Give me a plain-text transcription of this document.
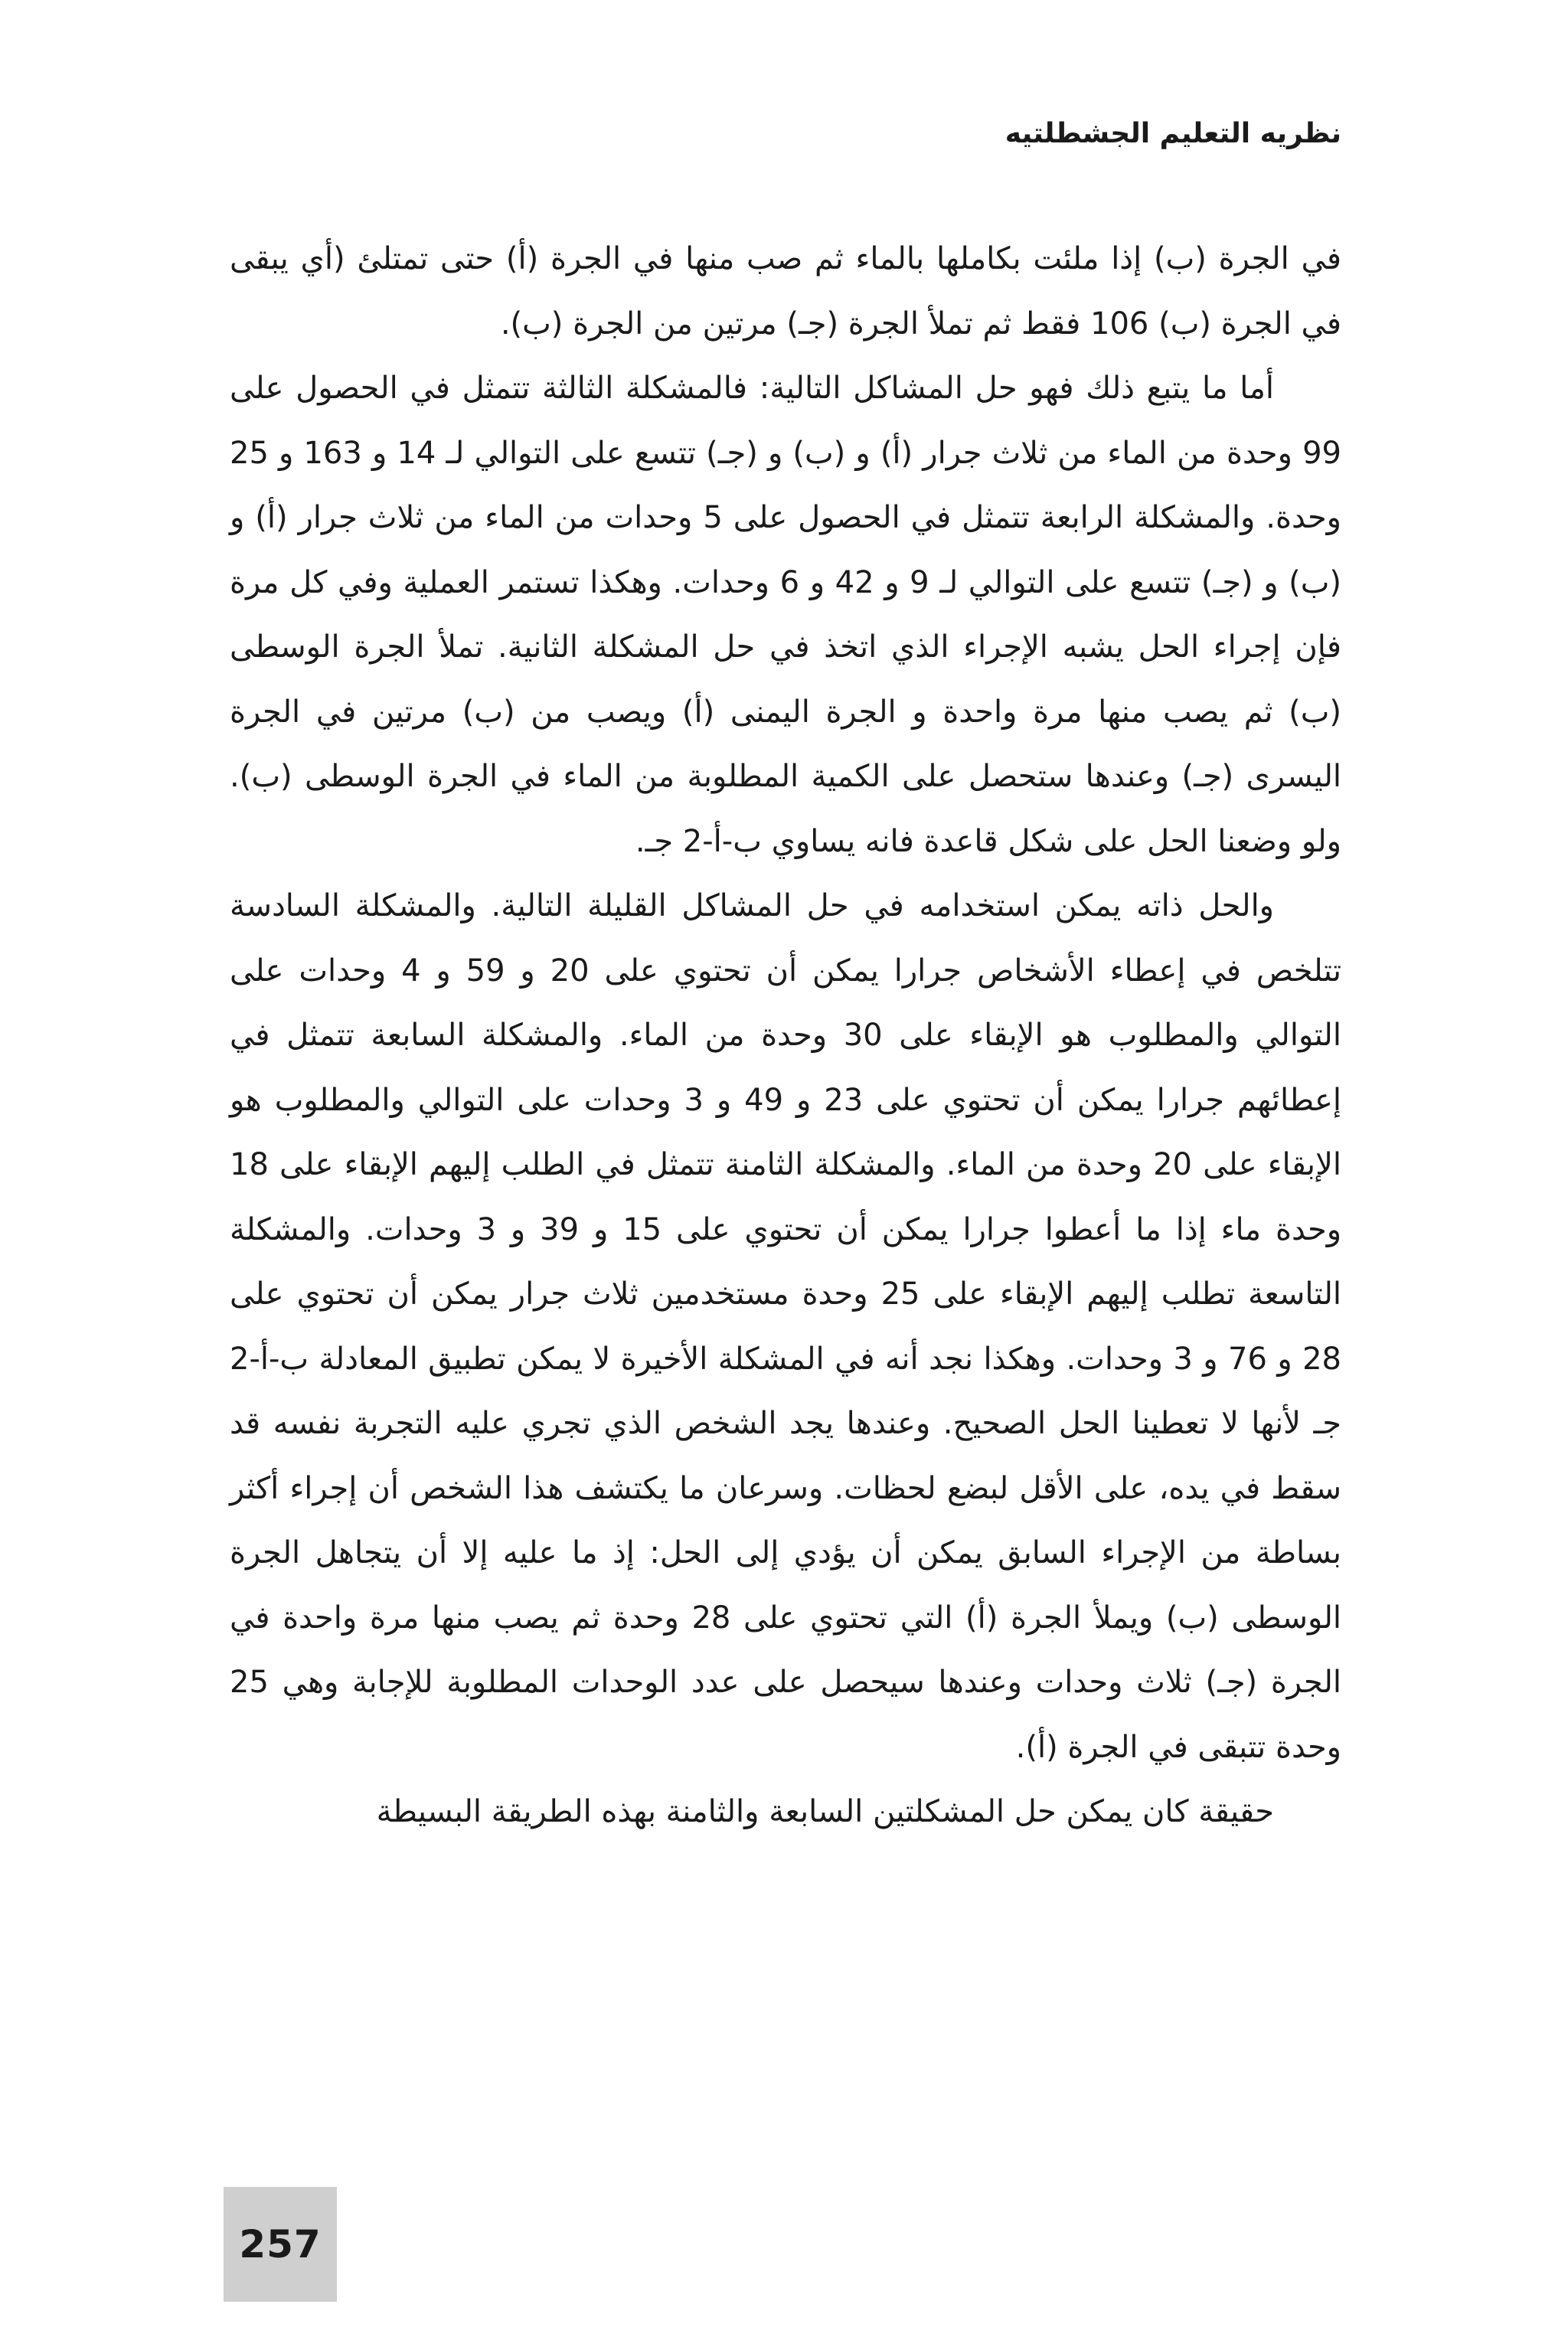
نظريه التعليم الجشطلتيه

في الجرة (ب) إذا ملئت بكاملها بالماء ثم صب منها في الجرة (أ) حتى تمتلئ (أي يبقى في الجرة (ب) 106 فقط ثم تملأ الجرة (جـ) مرتين من الجرة (ب).

أما ما يتبع ذلك فهو حل المشاكل التالية: فالمشكلة الثالثة تتمثل في الحصول على 99 وحدة من الماء من ثلاث جرار (أ) و (ب) و (جـ) تتسع على التوالي لـ 14 و 163 و 25 وحدة. والمشكلة الرابعة تتمثل في الحصول على 5 وحدات من الماء من ثلاث جرار (أ) و (ب) و (جـ) تتسع على التوالي لـ 9 و 42 و 6 وحدات. وهكذا تستمر العملية وفي كل مرة فإن إجراء الحل يشبه الإجراء الذي اتخذ في حل المشكلة الثانية. تملأ الجرة الوسطى (ب) ثم يصب منها مرة واحدة و الجرة اليمنى (أ) ويصب من (ب) مرتين في الجرة اليسرى (جـ) وعندها ستحصل على الكمية المطلوبة من الماء في الجرة الوسطى (ب). ولو وضعنا الحل على شكل قاعدة فانه يساوي ب-أ-2 جـ.

والحل ذاته يمكن استخدامه في حل المشاكل القليلة التالية. والمشكلة السادسة تتلخص في إعطاء الأشخاص جرارا يمكن أن تحتوي على 20 و 59 و 4 وحدات على التوالي والمطلوب هو الإبقاء على 30 وحدة من الماء. والمشكلة السابعة تتمثل في إعطائهم جرارا يمكن أن تحتوي على 23 و 49 و 3 وحدات على التوالي والمطلوب هو الإبقاء على 20 وحدة من الماء. والمشكلة الثامنة تتمثل في الطلب إليهم الإبقاء على 18 وحدة ماء إذا ما أعطوا جرارا يمكن أن تحتوي على 15 و 39 و 3 وحدات. والمشكلة التاسعة تطلب إليهم الإبقاء على 25 وحدة مستخدمين ثلاث جرار يمكن أن تحتوي على 28 و 76 و 3 وحدات. وهكذا نجد أنه في المشكلة الأخيرة لا يمكن تطبيق المعادلة ب-أ-2 جـ لأنها لا تعطينا الحل الصحيح. وعندها يجد الشخص الذي تجري عليه التجربة نفسه قد سقط في يده، على الأقل لبضع لحظات. وسرعان ما يكتشف هذا الشخص أن إجراء أكثر بساطة من الإجراء السابق يمكن أن يؤدي إلى الحل: إذ ما عليه إلا أن يتجاهل الجرة الوسطى (ب) ويملأ الجرة (أ) التي تحتوي على 28 وحدة ثم يصب منها مرة واحدة في الجرة (جـ) ثلاث وحدات وعندها سيحصل على عدد الوحدات المطلوبة للإجابة وهي 25 وحدة تتبقى في الجرة (أ).

حقيقة كان يمكن حل المشكلتين السابعة والثامنة بهذه الطريقة البسيطة

257
